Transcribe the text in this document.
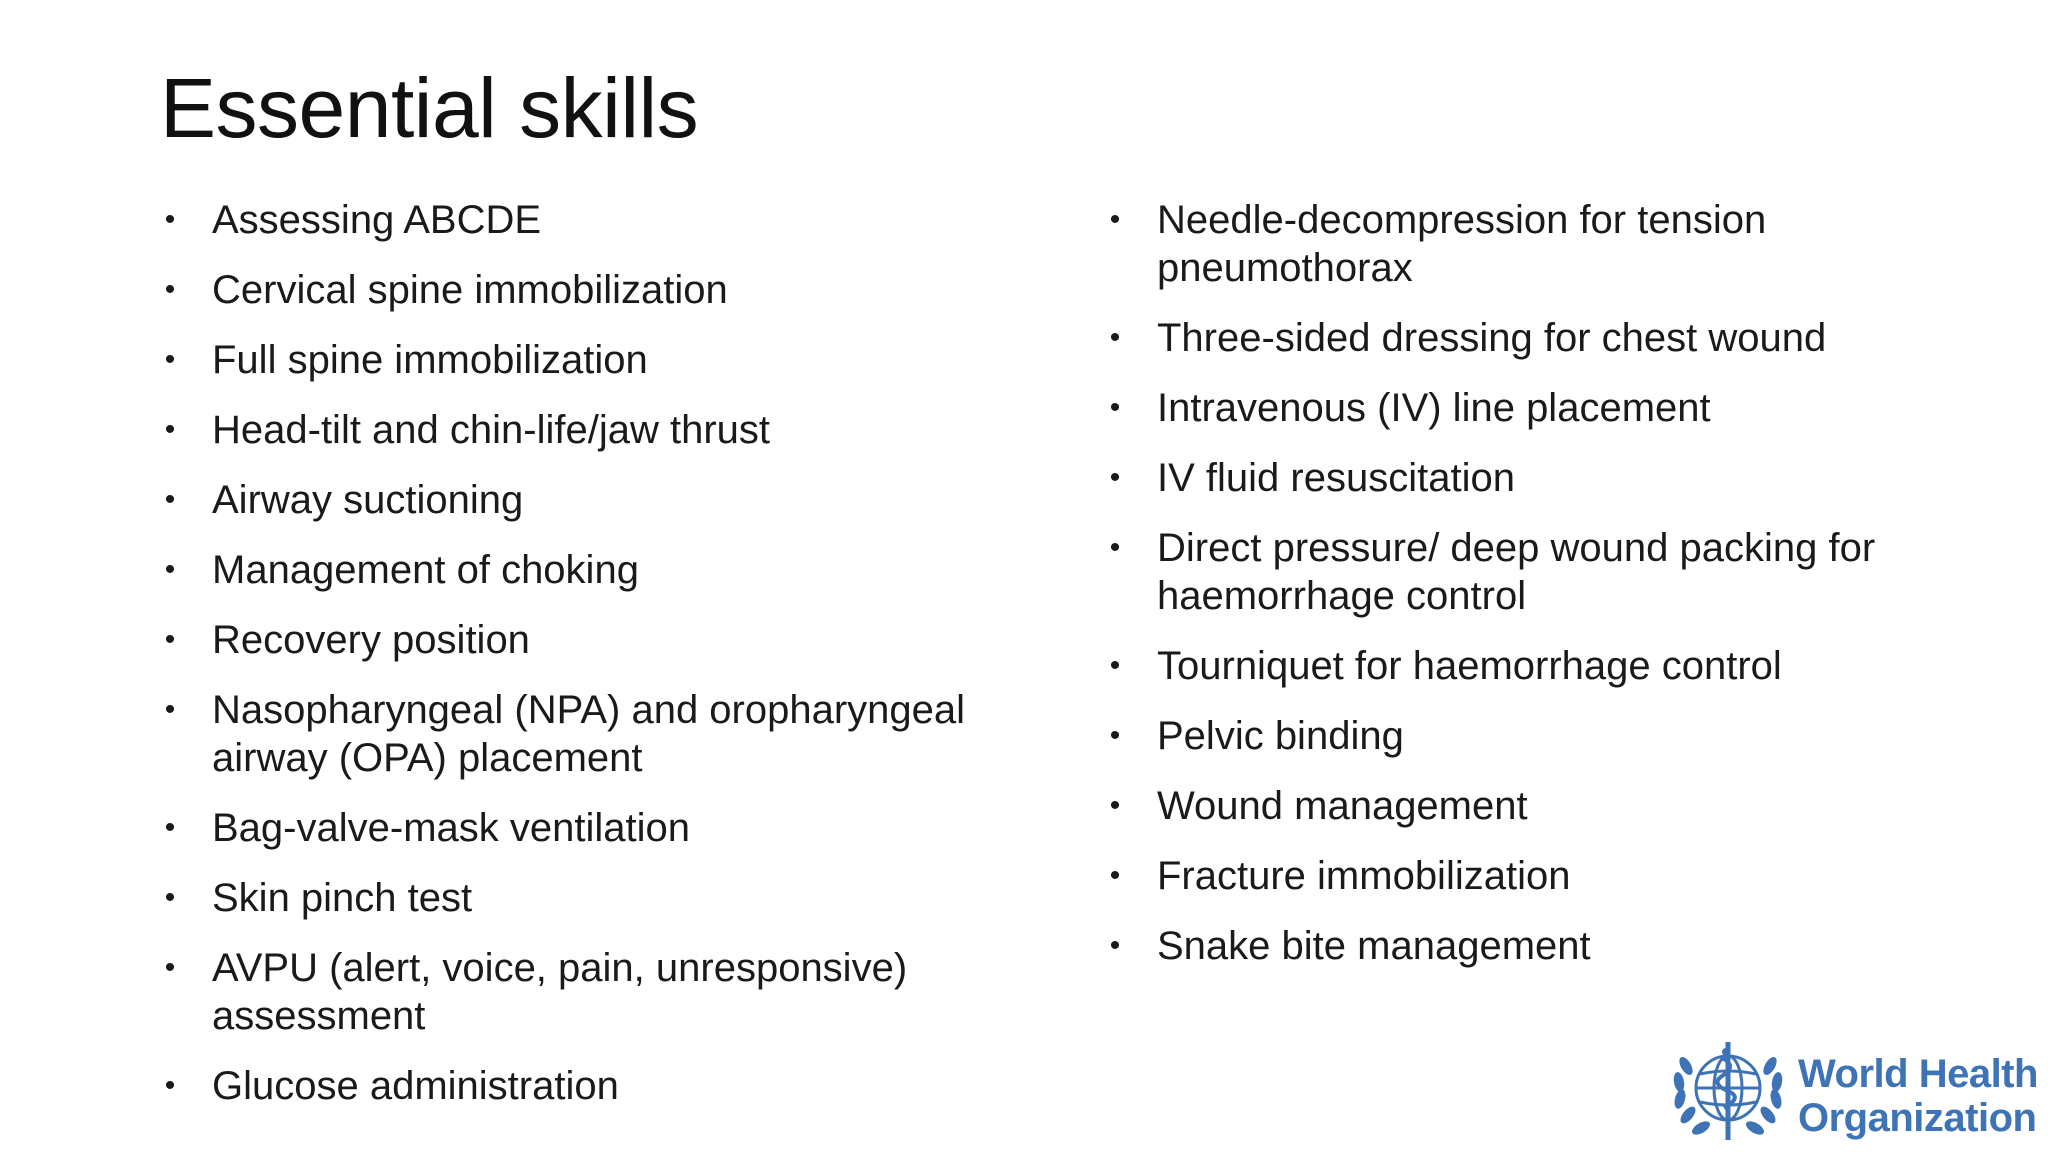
Essential skills
• Assessing ABCDE
• Cervical spine immobilization
• Full spine immobilization
• Head-tilt and chin-life/jaw thrust
• Airway suctioning
• Management of choking
• Recovery position
• Nasopharyngeal (NPA) and oropharyngeal airway (OPA) placement
• Bag-valve-mask ventilation
• Skin pinch test
• AVPU (alert, voice, pain, unresponsive) assessment
• Glucose administration
• Needle-decompression for tension pneumothorax
• Three-sided dressing for chest wound
• Intravenous (IV) line placement
• IV fluid resuscitation
• Direct pressure/ deep wound packing for haemorrhage control
• Tourniquet for haemorrhage control
• Pelvic binding
• Wound management
• Fracture immobilization
• Snake bite management
World Health
Organization
